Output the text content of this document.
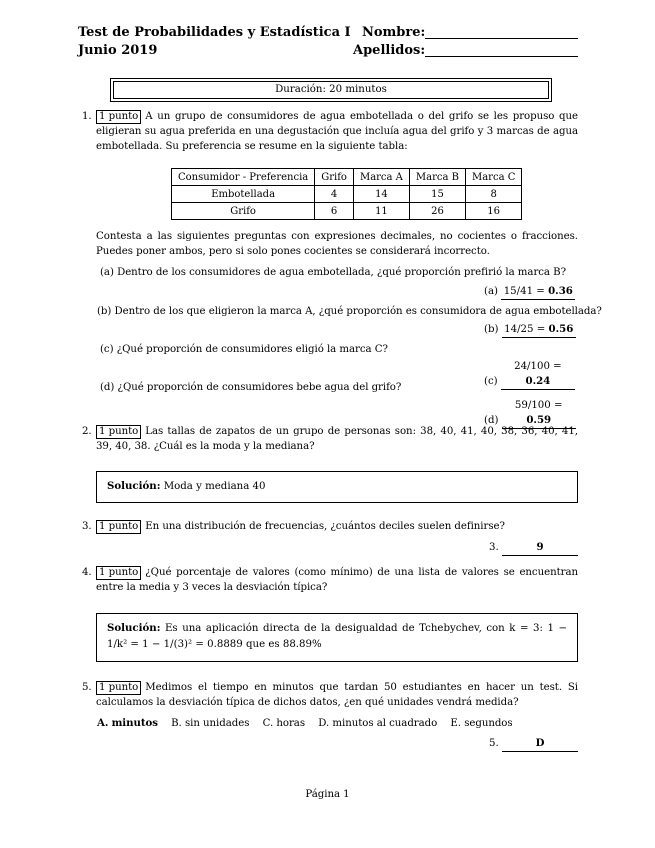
Test de Probabilidades y Estadística I
Junio 2019
Nombre:
Apellidos:
Duración: 20 minutos
1. 1 punto A un grupo de consumidores de agua embotellada o del grifo se les propuso que eligieran su agua preferida en una degustación que incluía agua del grifo y 3 marcas de agua embotellada. Su preferencia se resume en la siguiente tabla:
Consumidor - Preferencia	Grifo	Marca A	Marca B	Marca C
Embotellada	4	14	15	8
Grifo	6	11	26	16
Contesta a las siguientes preguntas con expresiones decimales, no cocientes o fracciones. Puedes poner ambos, pero si solo pones cocientes se considerará incorrecto.
(a) Dentro de los consumidores de agua embotellada, ¿qué proporción prefirió la marca B?
(a) 15/41 = 0.36
(b) Dentro de los que eligieron la marca A, ¿qué proporción es consumidora de agua embotellada?
(b) 14/25 = 0.56
(c) ¿Qué proporción de consumidores eligió la marca C?
(c) 24/100 = 0.24
(d) ¿Qué proporción de consumidores bebe agua del grifo?
(d) 59/100 = 0.59
2. 1 punto Las tallas de zapatos de un grupo de personas son: 38, 40, 41, 40, 38, 36, 40, 41, 39, 40, 38. ¿Cuál es la moda y la mediana?
Solución: Moda y mediana 40
3. 1 punto En una distribución de frecuencias, ¿cuántos deciles suelen definirse?
3.	9
4. 1 punto ¿Qué porcentaje de valores (como mínimo) de una lista de valores se encuentran entre la media y 3 veces la desviación típica?
Solución: Es una aplicación directa de la desigualdad de Tchebychev, con k = 3: 1 − 1/k² = 1 − 1/(3)² = 0.8889 que es 88.89%
5. 1 punto Medimos el tiempo en minutos que tardan 50 estudiantes en hacer un test. Si calculamos la desviación típica de dichos datos, ¿en qué unidades vendrá medida?
A. minutos B. sin unidades C. horas D. minutos al cuadrado E. segundos
5.	D
Página 1
